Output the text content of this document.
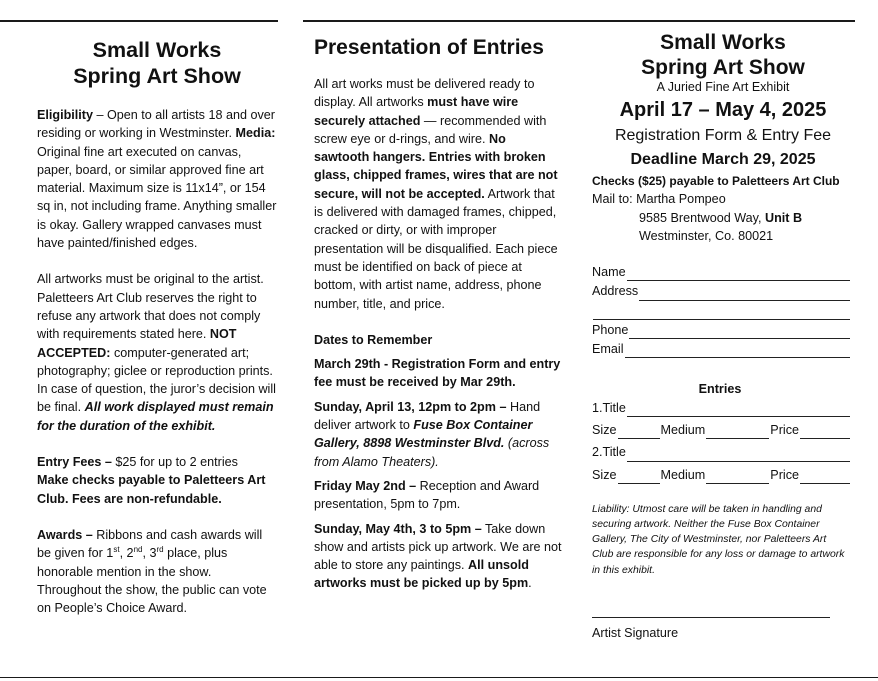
Small Works
Spring Art Show

Eligibility – Open to all artists 18 and over residing or working in Westminster. Media: Original fine art executed on canvas, paper, board, or similar approved fine art material. Maximum size is 11x14”, or 154 sq in, not including frame. Anything smaller is okay. Gallery wrapped canvases must have painted/finished edges.

All artworks must be original to the artist. Paletteers Art Club reserves the right to refuse any artwork that does not comply with requirements stated here. NOT ACCEPTED: computer-generated art; photography; giclee or reproduction prints. In case of question, the juror’s decision will be final. All work displayed must remain for the duration of the exhibit.

Entry Fees – $25 for up to 2 entries
Make checks payable to Paletteers Art Club. Fees are non-refundable.

Awards – Ribbons and cash awards will be given for 1st, 2nd, 3rd place, plus honorable mention in the show. Throughout the show, the public can vote on People’s Choice Award.

Presentation of Entries

All art works must be delivered ready to display. All artworks must have wire securely attached — recommended with screw eye or d-rings, and wire. No sawtooth hangers. Entries with broken glass, chipped frames, wires that are not secure, will not be accepted. Artwork that is delivered with damaged frames, chipped, cracked or dirty, or with improper presentation will be disqualified. Each piece must be identified on back of piece at bottom, with artist name, address, phone number, title, and price.

Dates to Remember

March 29th - Registration Form and entry fee must be received by Mar 29th.

Sunday, April 13, 12pm to 2pm – Hand deliver artwork to Fuse Box Container Gallery, 8898 Westminster Blvd. (across from Alamo Theaters).

Friday May 2nd – Reception and Award presentation, 5pm to 7pm.

Sunday, May 4th, 3 to 5pm – Take down show and artists pick up artwork. We are not able to store any paintings. All unsold artworks must be picked up by 5pm.

Small Works
Spring Art Show
A Juried Fine Art Exhibit
April 17 – May 4, 2025
Registration Form & Entry Fee
Deadline March 29, 2025
Checks ($25) payable to Paletteers Art Club
Mail to: Martha Pompeo
9585 Brentwood Way, Unit B
Westminster, Co. 80021
Name
Address
Phone
Email
Entries
1.Title
Size	Medium	Price
2.Title
Size	Medium	Price

Liability: Utmost care will be taken in handling and securing artwork. Neither the Fuse Box Container Gallery, The City of Westminster, nor Paletteers Art Club are responsible for any loss or damage to artwork in this exhibit.

Artist Signature
